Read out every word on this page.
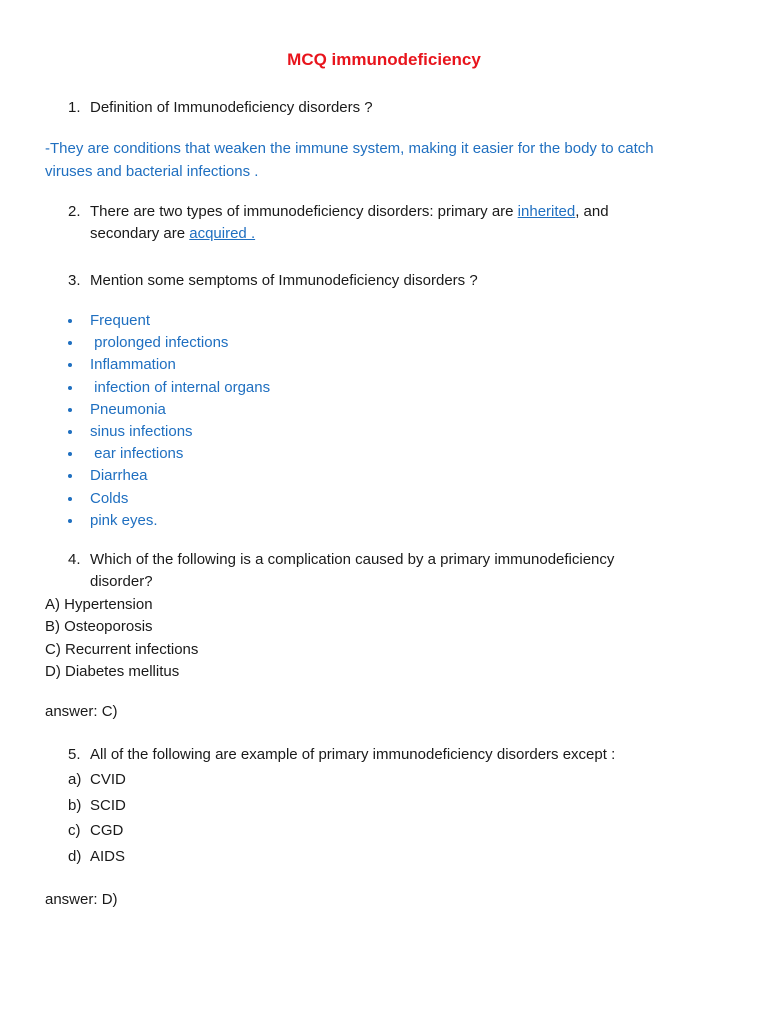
MCQ immunodeficiency
1. Definition of Immunodeficiency disorders ?
-They are conditions that weaken the immune system, making it easier for the body to catch
viruses and bacterial infections .
2. There are two types of immunodeficiency disorders: primary are inherited, and
secondary are acquired .
3. Mention some semptoms of Immunodeficiency disorders ?
Frequent
prolonged infections
Inflammation
infection of internal organs
Pneumonia
sinus infections
ear infections
Diarrhea
Colds
pink eyes.
4. Which of the following is a complication caused by a primary immunodeficiency
disorder?
A) Hypertension
B) Osteoporosis
C) Recurrent infections
D) Diabetes mellitus
answer: C)
5. All of the following are example of primary immunodeficiency disorders except :
a) CVID
b) SCID
c) CGD
d) AIDS
answer: D)
